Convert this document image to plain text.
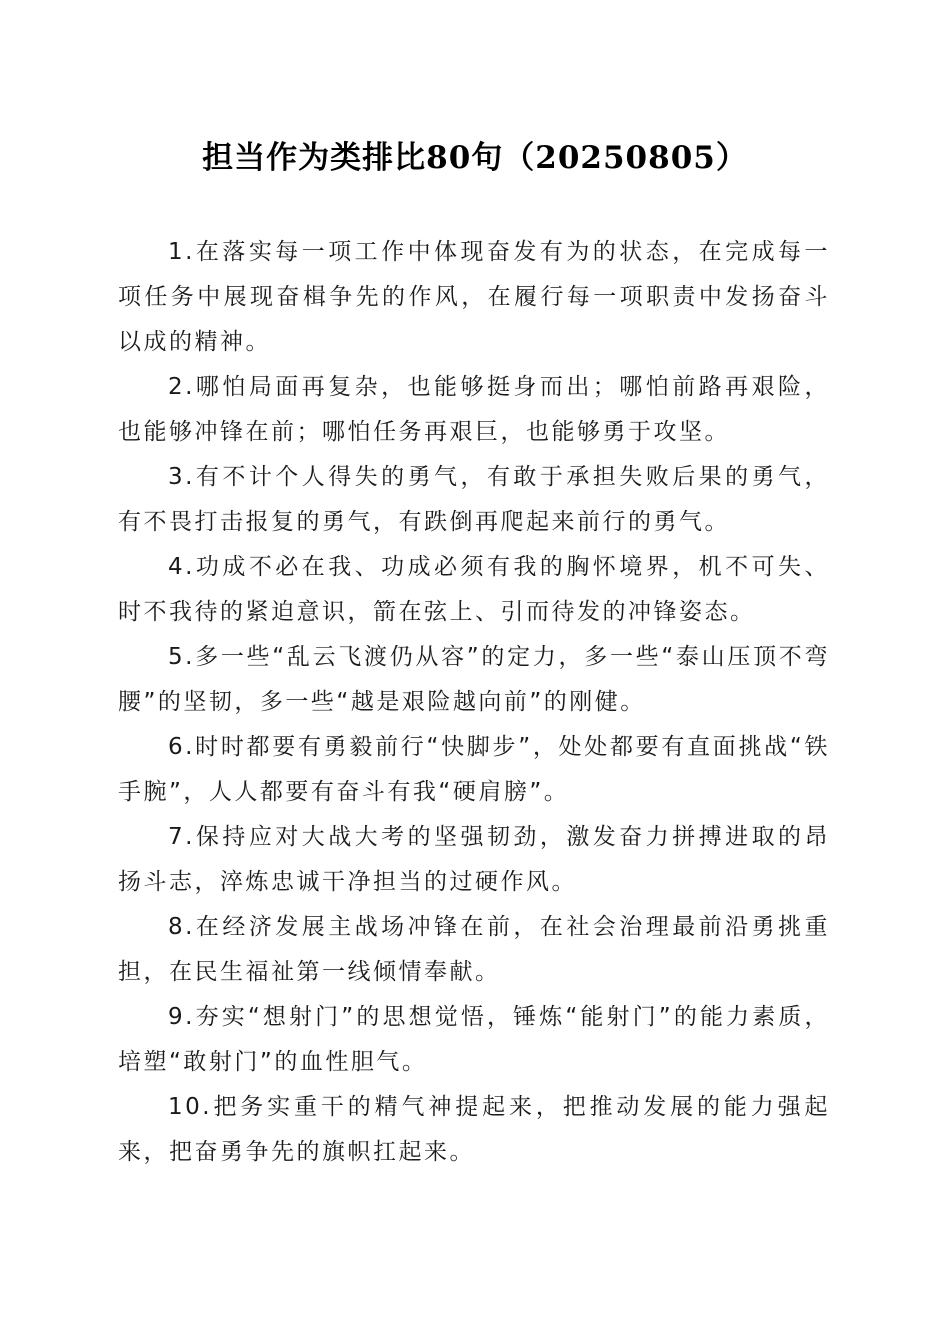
担当作为类排比80句（20250805）

1.在落实每一项工作中体现奋发有为的状态，在完成每一项任务中展现奋楫争先的作风，在履行每一项职责中发扬奋斗以成的精神。

2.哪怕局面再复杂，也能够挺身而出；哪怕前路再艰险，也能够冲锋在前；哪怕任务再艰巨，也能够勇于攻坚。

3.有不计个人得失的勇气，有敢于承担失败后果的勇气，有不畏打击报复的勇气，有跌倒再爬起来前行的勇气。

4.功成不必在我、功成必须有我的胸怀境界，机不可失、时不我待的紧迫意识，箭在弦上、引而待发的冲锋姿态。

5.多一些“乱云飞渡仍从容”的定力，多一些“泰山压顶不弯腰”的坚韧，多一些“越是艰险越向前”的刚健。

6.时时都要有勇毅前行“快脚步”，处处都要有直面挑战“铁手腕”，人人都要有奋斗有我“硬肩膀”。

7.保持应对大战大考的坚强韧劲，激发奋力拼搏进取的昂扬斗志，淬炼忠诚干净担当的过硬作风。

8.在经济发展主战场冲锋在前，在社会治理最前沿勇挑重担，在民生福祉第一线倾情奉献。

9.夯实“想射门”的思想觉悟，锤炼“能射门”的能力素质，培塑“敢射门”的血性胆气。

10.把务实重干的精气神提起来，把推动发展的能力强起来，把奋勇争先的旗帜扛起来。
